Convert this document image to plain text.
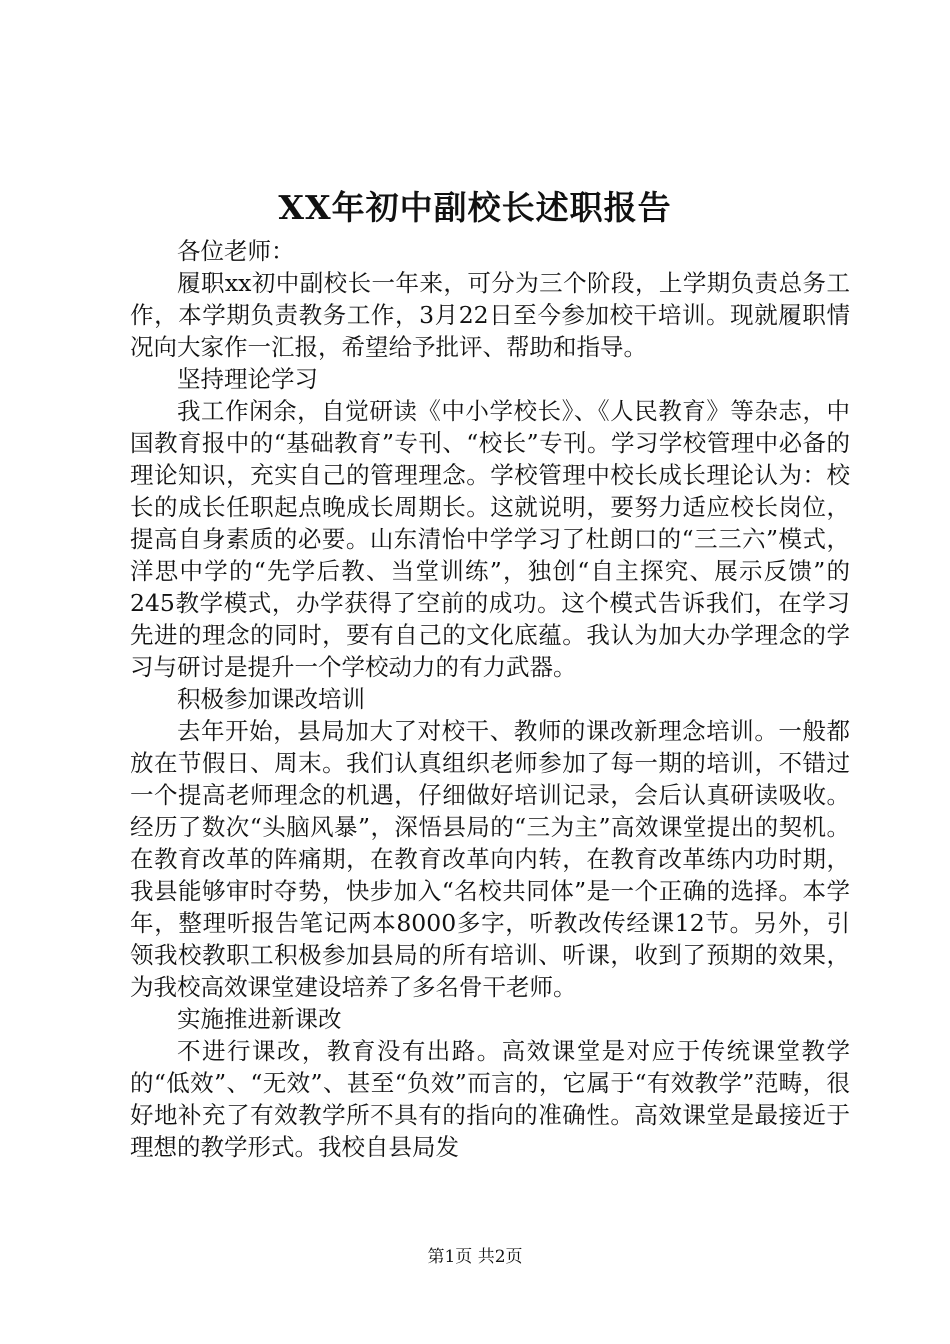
XX年初中副校长述职报告

各位老师：

履职xx初中副校长一年来，可分为三个阶段，上学期负责总务工作，本学期负责教务工作，3月22日至今参加校干培训。现就履职情况向大家作一汇报，希望给予批评、帮助和指导。

坚持理论学习

我工作闲余，自觉研读《中小学校长》、《人民教育》等杂志，中国教育报中的“基础教育”专刊、“校长”专刊。学习学校管理中必备的理论知识，充实自己的管理理念。学校管理中校长成长理论认为：校长的成长任职起点晚成长周期长。这就说明，要努力适应校长岗位，提高自身素质的必要。山东清怡中学学习了杜朗口的“三三六”模式，洋思中学的“先学后教、当堂训练”，独创“自主探究、展示反馈”的245教学模式，办学获得了空前的成功。这个模式告诉我们，在学习先进的理念的同时，要有自己的文化底蕴。我认为加大办学理念的学习与研讨是提升一个学校动力的有力武器。

积极参加课改培训

去年开始，县局加大了对校干、教师的课改新理念培训。一般都放在节假日、周末。我们认真组织老师参加了每一期的培训，不错过一个提高老师理念的机遇，仔细做好培训记录，会后认真研读吸收。经历了数次“头脑风暴”，深悟县局的“三为主”高效课堂提出的契机。在教育改革的阵痛期，在教育改革向内转，在教育改革练内功时期，我县能够审时夺势，快步加入“名校共同体”是一个正确的选择。本学年，整理听报告笔记两本8000多字，听教改传经课12节。另外，引领我校教职工积极参加县局的所有培训、听课，收到了预期的效果，为我校高效课堂建设培养了多名骨干老师。

实施推进新课改

不进行课改，教育没有出路。高效课堂是对应于传统课堂教学的“低效”、“无效”、甚至“负效”而言的，它属于“有效教学”范畴，很好地补充了有效教学所不具有的指向的准确性。高效课堂是最接近于理想的教学形式。我校自县局发

第1页 共2页
